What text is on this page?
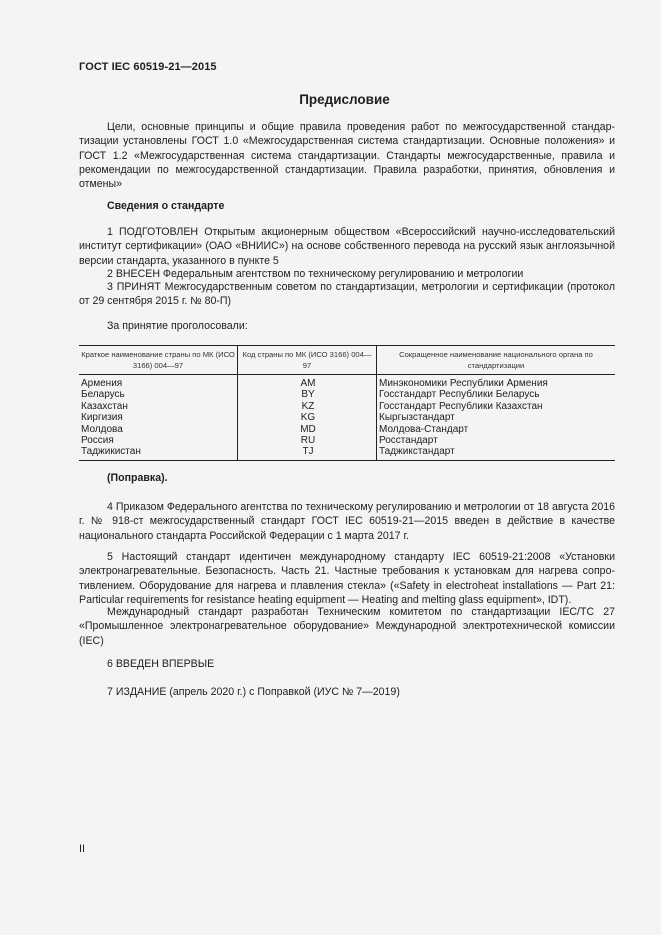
ГОСТ IEC 60519-21—2015
Предисловие
Цели, основные принципы и общие правила проведения работ по межгосударственной стандартизации установлены ГОСТ 1.0 «Межгосударственная система стандартизации. Основные положения» и ГОСТ 1.2 «Межгосударственная система стандартизации. Стандарты межгосударственные, правила и рекомендации по межгосударственной стандартизации. Правила разработки, принятия, обновления и отмены»
Сведения о стандарте
1 ПОДГОТОВЛЕН Открытым акционерным обществом «Всероссийский научно-исследовательский институт сертификации» (ОАО «ВНИИС») на основе собственного перевода на русский язык англоязычной версии стандарта, указанного в пункте 5
2 ВНЕСЕН Федеральным агентством по техническому регулированию и метрологии
3 ПРИНЯТ Межгосударственным советом по стандартизации, метрологии и сертификации (протокол от 29 сентября 2015 г. № 80-П)
За принятие проголосовали:
Краткое наименование страны по МК (ИСО 3166) 004—97	Код страны по МК (ИСО 3166) 004—97	Сокращенное наименование национального органа по стандартизации
Армения	AM	Минэкономики Республики Армения
Беларусь	BY	Госстандарт Республики Беларусь
Казахстан	KZ	Госстандарт Республики Казахстан
Киргизия	KG	Кыргызстандарт
Молдова	MD	Молдова-Стандарт
Россия	RU	Росстандарт
Таджикистан	TJ	Таджикстандарт
(Поправка).
4 Приказом Федерального агентства по техническому регулированию и метрологии от 18 августа 2016 г. № 918-ст межгосударственный стандарт ГОСТ IEC 60519-21—2015 введен в действие в качестве национального стандарта Российской Федерации с 1 марта 2017 г.
5 Настоящий стандарт идентичен международному стандарту IEC 60519-21:2008 «Установки электронагревательные. Безопасность. Часть 21. Частные требования к установкам для нагрева сопротивлением. Оборудование для нагрева и плавления стекла» («Safety in electroheat installations — Part 21: Particular requirements for resistance heating equipment — Heating and melting glass equipment», IDT).
Международный стандарт разработан Техническим комитетом по стандартизации IEC/TC 27 «Промышленное электронагревательное оборудование» Международной электротехнической комиссии (IEC)
6 ВВЕДЕН ВПЕРВЫЕ
7 ИЗДАНИЕ (апрель 2020 г.) с Поправкой (ИУС № 7—2019)
II
